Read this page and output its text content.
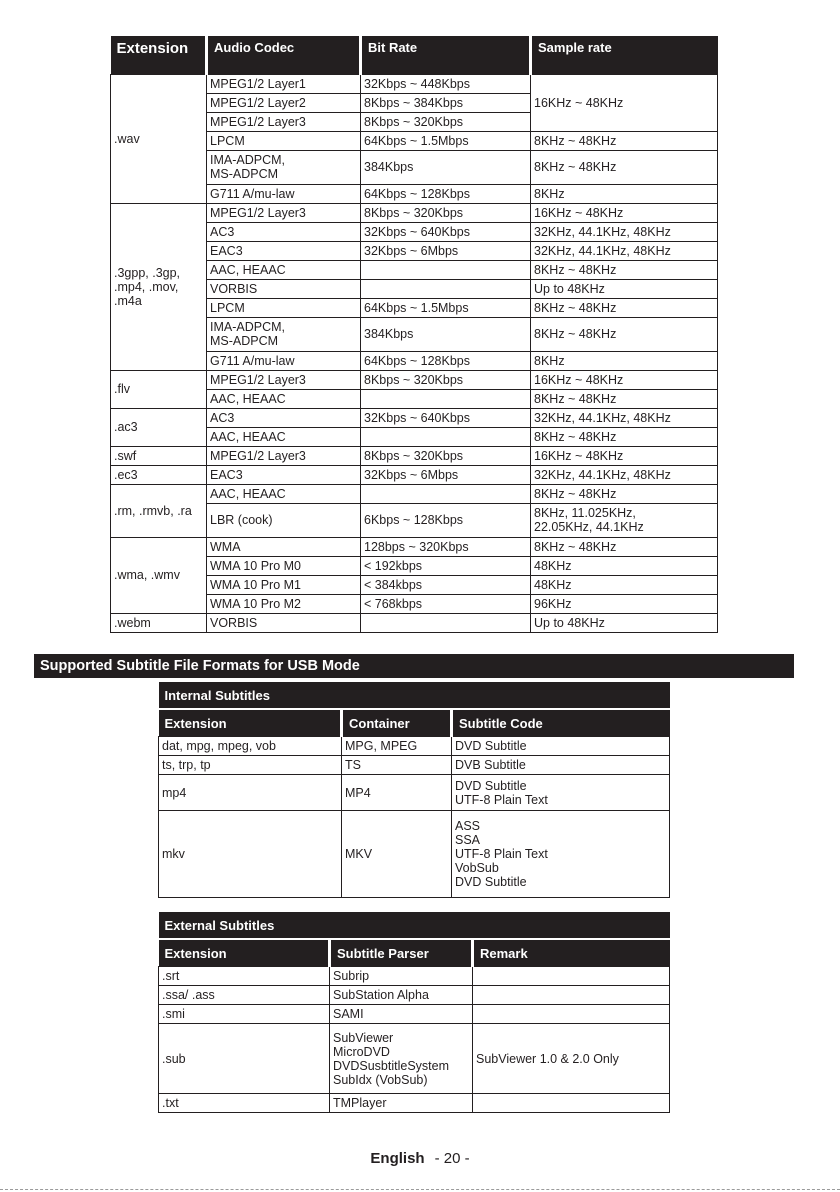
Extension	Audio Codec	Bit Rate	Sample rate
.wav	MPEG1/2 Layer1	32Kbps ~ 448Kbps	16KHz ~ 48KHz
	MPEG1/2 Layer2	8Kbps ~ 384Kbps	
	MPEG1/2 Layer3	8Kbps ~ 320Kbps	
	LPCM	64Kbps ~ 1.5Mbps	8KHz ~ 48KHz
	IMA-ADPCM,
MS-ADPCM	384Kbps	8KHz ~ 48KHz
	G711 A/mu-law	64Kbps ~ 128Kbps	8KHz
.3gpp, .3gp,
.mp4, .mov,
.m4a	MPEG1/2 Layer3	8Kbps ~ 320Kbps	16KHz ~ 48KHz
	AC3	32Kbps ~ 640Kbps	32KHz, 44.1KHz, 48KHz
	EAC3	32Kbps ~ 6Mbps	32KHz, 44.1KHz, 48KHz
	AAC, HEAAC		8KHz ~ 48KHz
	VORBIS		Up to 48KHz
	LPCM	64Kbps ~ 1.5Mbps	8KHz ~ 48KHz
	IMA-ADPCM,
MS-ADPCM	384Kbps	8KHz ~ 48KHz
	G711 A/mu-law	64Kbps ~ 128Kbps	8KHz
.flv	MPEG1/2 Layer3	8Kbps ~ 320Kbps	16KHz ~ 48KHz
	AAC, HEAAC		8KHz ~ 48KHz
.ac3	AC3	32Kbps ~ 640Kbps	32KHz, 44.1KHz, 48KHz
	AAC, HEAAC		8KHz ~ 48KHz
.swf	MPEG1/2 Layer3	8Kbps ~ 320Kbps	16KHz ~ 48KHz
.ec3	EAC3	32Kbps ~ 6Mbps	32KHz, 44.1KHz, 48KHz
.rm, .rmvb, .ra	AAC, HEAAC		8KHz ~ 48KHz
	LBR (cook)	6Kbps ~ 128Kbps	8KHz, 11.025KHz,
22.05KHz, 44.1KHz
.wma, .wmv	WMA	128bps ~ 320Kbps	8KHz ~ 48KHz
	WMA 10 Pro M0	< 192kbps	48KHz
	WMA 10 Pro M1	< 384kbps	48KHz
	WMA 10 Pro M2	< 768kbps	96KHz
.webm	VORBIS		Up to 48KHz
Supported Subtitle File Formats for USB Mode
Internal Subtitles		

Extension	Container	Subtitle Code
dat, mpg, mpeg, vob	MPG, MPEG	DVD Subtitle
ts, trp, tp	TS	DVB Subtitle
mp4	MP4	DVD Subtitle
UTF-8 Plain Text
mkv	MKV	ASS
SSA
UTF-8 Plain Text
VobSub
DVD Subtitle
External Subtitles		

Extension	Subtitle Parser	Remark
.srt	Subrip	
.ssa/ .ass	SubStation Alpha	
.smi	SAMI	
.sub	SubViewer
MicroDVD
DVDSusbtitleSystem
SubIdx (VobSub)	SubViewer 1.0 & 2.0 Only
.txt	TMPlayer	
English - 20 -
